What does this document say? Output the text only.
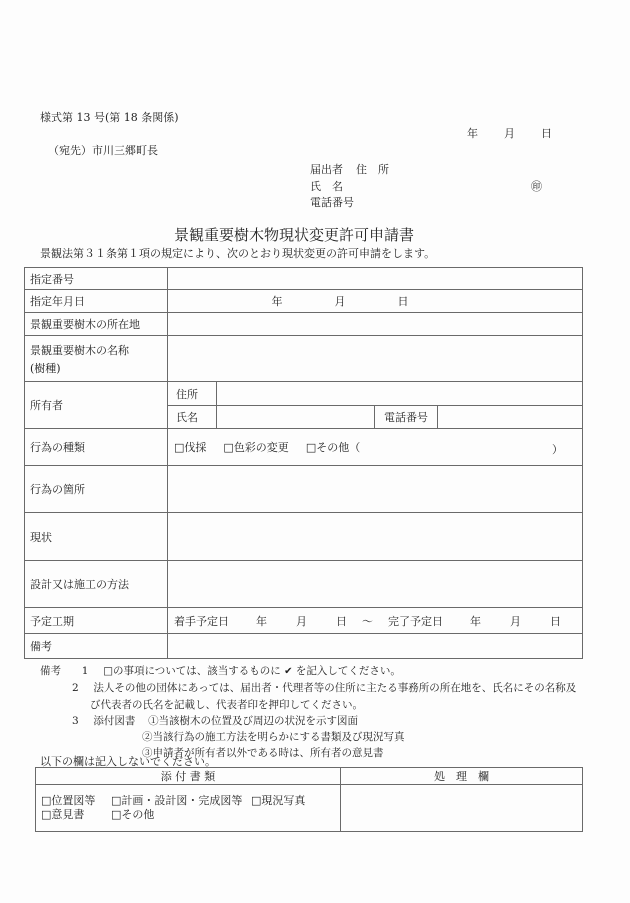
様式第 13 号(第 18 条関係)
年 月 日
（宛先）市川三郷町長
届出者 住　所
氏　名	㊞
電話番号
景観重要樹木物現状変更許可申請書
景観法第３１条第１項の規定により、次のとおり現状変更の許可申請をします。
指定番号				
指定年月日	年 月 日			
景観重要樹木の所在地				

景観重要樹木の名称
(樹種)				

所有者	住所			
	氏名		電話番号	
行為の種類	□伐採 □色彩の変更 □その他（ ）			

行為の箇所				
現状				
設計又は施工の方法				
予定工期	着手予定日 年 月 日 ～ 完了予定日 年 月 日			
備考				
備考 1 □の事項については、該当するものに ✔ を記入してください。
2 法人その他の団体にあっては、届出者・代理者等の住所に主たる事務所の所在地を、氏名にその名称及
び代表者の氏名を記載し、代表者印を押印してください。
3 添付図書 ①当該樹木の位置及び周辺の状況を示す図面
②当該行為の施工方法を明らかにする書類及び現況写真
③申請者が所有者以外である時は、所有者の意見書
以下の欄は記入しないでください。
添 付 書 類	処　理　欄

□位置図等 □計画・設計図・完成図等 □現況写真
□意見書 □その他	
